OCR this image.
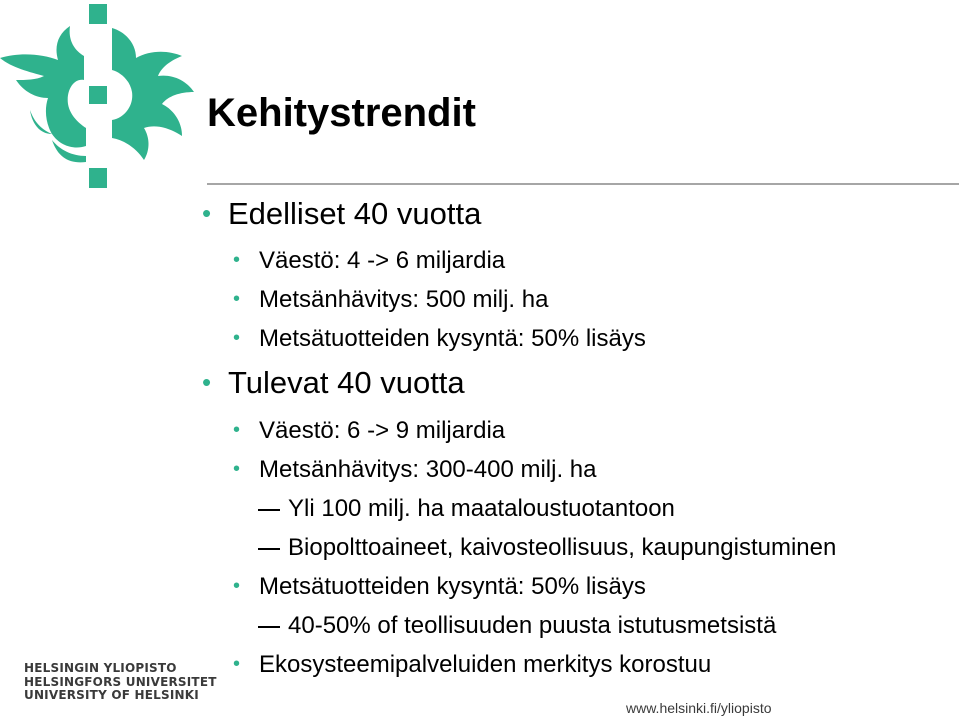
Kehitystrendit
• Edelliset 40 vuotta
• Väestö: 4 -> 6 miljardia
• Metsänhävitys: 500 milj. ha
• Metsätuotteiden kysyntä: 50% lisäys
• Tulevat 40 vuotta
• Väestö: 6 -> 9 miljardia
• Metsänhävitys: 300-400 milj. ha
Yli 100 milj. ha maataloustuotantoon
Biopolttoaineet, kaivosteollisuus, kaupungistuminen
• Metsätuotteiden kysyntä: 50% lisäys
40-50% of teollisuuden puusta istutusmetsistä
• Ekosysteemipalveluiden merkitys korostuu
HELSINGIN YLIOPISTO
HELSINGFORS UNIVERSITET
UNIVERSITY OF HELSINKI
www.helsinki.fi/yliopisto
